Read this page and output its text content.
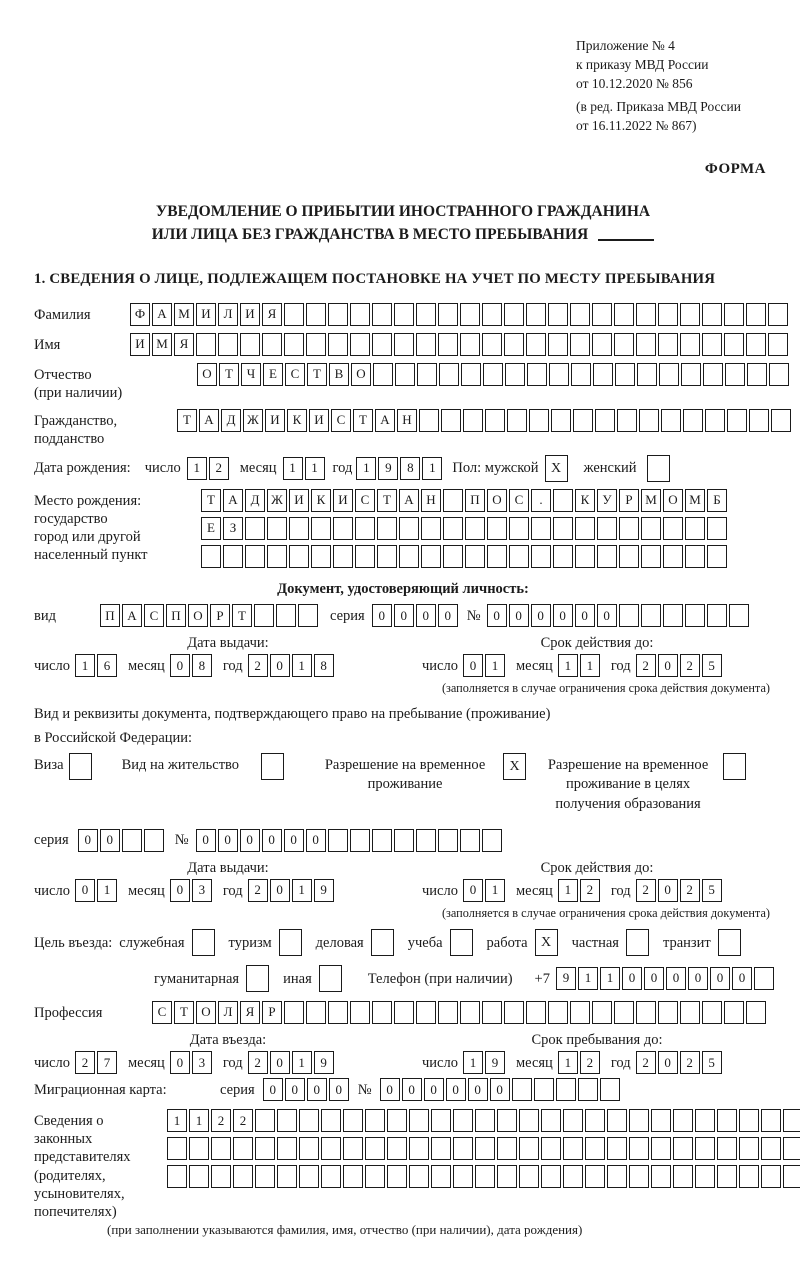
Приложение № 4
к приказу МВД России
от 10.12.2020 № 856
(в ред. Приказа МВД России
от 16.11.2022 № 867)
ФОРМА
УВЕДОМЛЕНИЕ О ПРИБЫТИИ ИНОСТРАННОГО ГРАЖДАНИНА
ИЛИ ЛИЦА БЕЗ ГРАЖДАНСТВА В МЕСТО ПРЕБЫВАНИЯ
1. СВЕДЕНИЯ О ЛИЦЕ, ПОДЛЕЖАЩЕМ ПОСТАНОВКЕ НА УЧЕТ ПО МЕСТУ ПРЕБЫВАНИЯ
Фамилия	Ф А М И Л И Я
Имя	И М Я
Отчество
(при наличии)
О	Т	Ч	Е	С	Т	В О
Гражданство,
подданство
Т	А Д Ж И К И С	Т	А Н
Дата рождения: число 1	2	месяц 1	1	год 1	9	8	1	Пол: мужской X	женский
Место рождения:
государство
город или другой
населенный пункт
Т	А Д Ж И К И С	Т	А Н	П О С	.	К	У	Р М О М Б
Е	З
Документ, удостоверяющий личность:
вид	П А С П О	Р	Т	серия	0	0	0	0	№ 0	0	0	0	0	0
Дата выдачи:	Срок действия до:
число 1	6	месяц 0	8	год 2	0	1	8	число 0	1	месяц 1	1	год 2	0	2	5
(заполняется в случае ограничения срока действия документа)
Вид и реквизиты документа, подтверждающего право на пребывание (проживание)
в Российской Федерации:
Виза	Вид на жительство	Разрешение на временное
проживание
X	Разрешение на временное
проживание в целях
получения образования
серия	0	0	№	0	0	0	0	0	0
Дата выдачи:	Срок действия до:
число 0	1	месяц 0	3	год 2	0	1	9	число 0	1	месяц 1	2	год 2	0	2	5
(заполняется в случае ограничения срока действия документа)
Цель въезда: служебная	туризм	деловая	учеба	работа X	частная	транзит
гуманитарная	иная	Телефон (при наличии) +7 9	1	1	0	0	0	0	0	0
Профессия	С	Т	О Л	Я	Р
Дата въезда:	Срок пребывания до:
число 2	7	месяц 0	3	год 2	0	1	9	число 1	9	месяц 1	2	год 2	0	2	5
Миграционная карта:	серия	0	0	0	0	№	0	0	0	0	0	0
Сведения о
законных
представителях
(родителях,
усыновителях,
попечителях)
1	1	2	2
(при заполнении указываются фамилия, имя, отчество (при наличии), дата рождения)
